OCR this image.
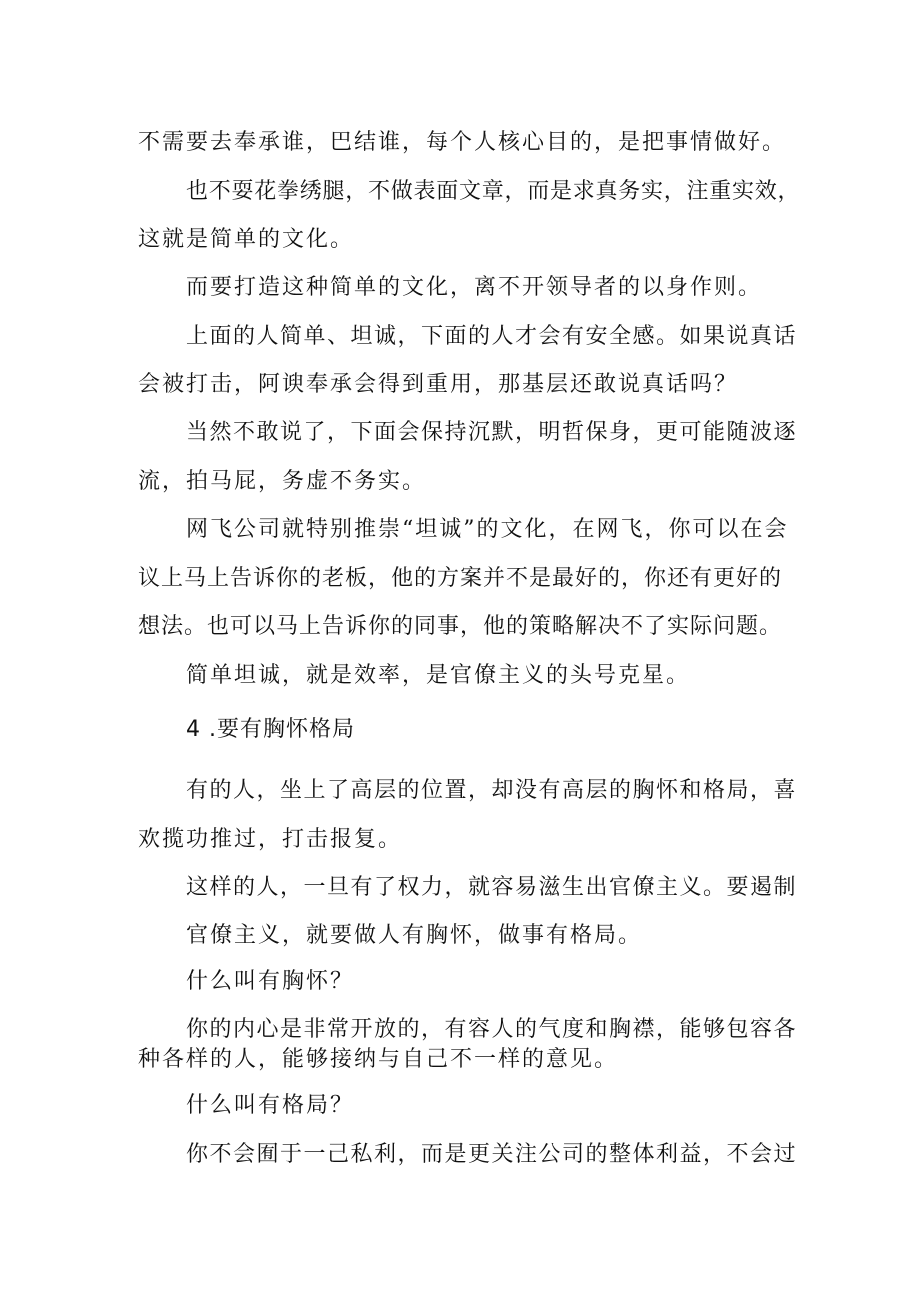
不需要去奉承谁，巴结谁，每个人核心目的，是把事情做好。

也不耍花拳绣腿，不做表面文章，而是求真务实，注重实效，

这就是简单的文化。

而要打造这种简单的文化，离不开领导者的以身作则。

上面的人简单、坦诚，下面的人才会有安全感。如果说真话

会被打击，阿谀奉承会得到重用，那基层还敢说真话吗？

当然不敢说了，下面会保持沉默，明哲保身，更可能随波逐

流，拍马屁，务虚不务实。

网飞公司就特别推崇“坦诚”的文化，在网飞，你可以在会

议上马上告诉你的老板，他的方案并不是最好的，你还有更好的

想法。也可以马上告诉你的同事，他的策略解决不了实际问题。

简单坦诚，就是效率，是官僚主义的头号克星。

4 .要有胸怀格局

有的人，坐上了高层的位置，却没有高层的胸怀和格局，喜

欢揽功推过，打击报复。

这样的人，一旦有了权力，就容易滋生出官僚主义。要遏制

官僚主义，就要做人有胸怀，做事有格局。

什么叫有胸怀？

你的内心是非常开放的，有容人的气度和胸襟，能够包容各

种各样的人，能够接纳与自己不一样的意见。

什么叫有格局？

你不会囿于一己私利，而是更关注公司的整体利益，不会过
